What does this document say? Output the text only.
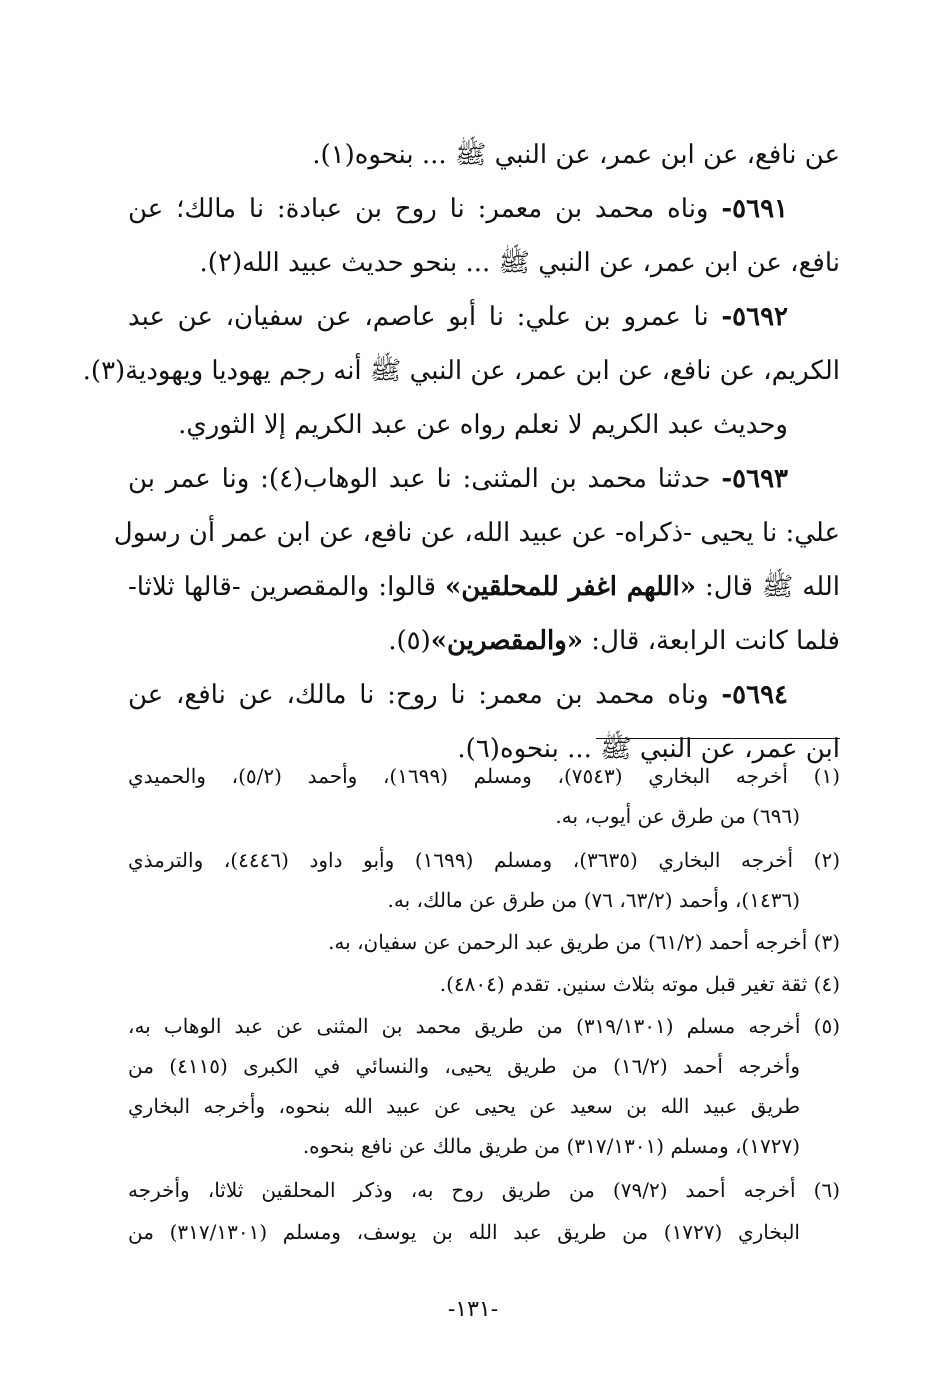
عن نافع، عن ابن عمر، عن النبي ﷺ ... بنحوه(١).
٥٦٩١- وناه محمد بن معمر: نا روح بن عبادة: نا مالك؛ عن
نافع، عن ابن عمر، عن النبي ﷺ ... بنحو حديث عبيد الله(٢).
٥٦٩٢- نا عمرو بن علي: نا أبو عاصم، عن سفيان، عن عبد
الكريم، عن نافع، عن ابن عمر، عن النبي ﷺ أنه رجم يهوديا ويهودية(٣).
وحديث عبد الكريم لا نعلم رواه عن عبد الكريم إلا الثوري.
٥٦٩٣- حدثنا محمد بن المثنى: نا عبد الوهاب(٤): ونا عمر بن
علي: نا يحيى -ذكراه- عن عبيد الله، عن نافع، عن ابن عمر أن رسول
الله ﷺ قال: «اللهم اغفر للمحلقين» قالوا: والمقصرين -قالها ثلاثا-
فلما كانت الرابعة، قال: «والمقصرين»(٥).
٥٦٩٤- وناه محمد بن معمر: نا روح: نا مالك، عن نافع، عن
ابن عمر، عن النبي ﷺ ... بنحوه(٦).
(١) أخرجه البخاري (٧٥٤٣)، ومسلم (١٦٩٩)، وأحمد (٥/٢)، والحميدي
(٦٩٦) من طرق عن أيوب، به.
(٢) أخرجه البخاري (٣٦٣٥)، ومسلم (١٦٩٩) وأبو داود (٤٤٤٦)، والترمذي
(١٤٣٦)، وأحمد (٦٣/٢، ٧٦) من طرق عن مالك، به.
(٣) أخرجه أحمد (٦١/٢) من طريق عبد الرحمن عن سفيان، به.
(٤) ثقة تغير قبل موته بثلاث سنين. تقدم (٤٨٠٤).
(٥) أخرجه مسلم (٣١٩/١٣٠١) من طريق محمد بن المثنى عن عبد الوهاب به،
وأخرجه أحمد (١٦/٢) من طريق يحيى، والنسائي في الكبرى (٤١١٥) من
طريق عبيد الله بن سعيد عن يحيى عن عبيد الله بنحوه، وأخرجه البخاري
(١٧٢٧)، ومسلم (٣١٧/١٣٠١) من طريق مالك عن نافع بنحوه.
(٦) أخرجه أحمد (٧٩/٢) من طريق روح به، وذكر المحلقين ثلاثا، وأخرجه
البخاري (١٧٢٧) من طريق عبد الله بن يوسف، ومسلم (٣١٧/١٣٠١) من
-١٣١-
